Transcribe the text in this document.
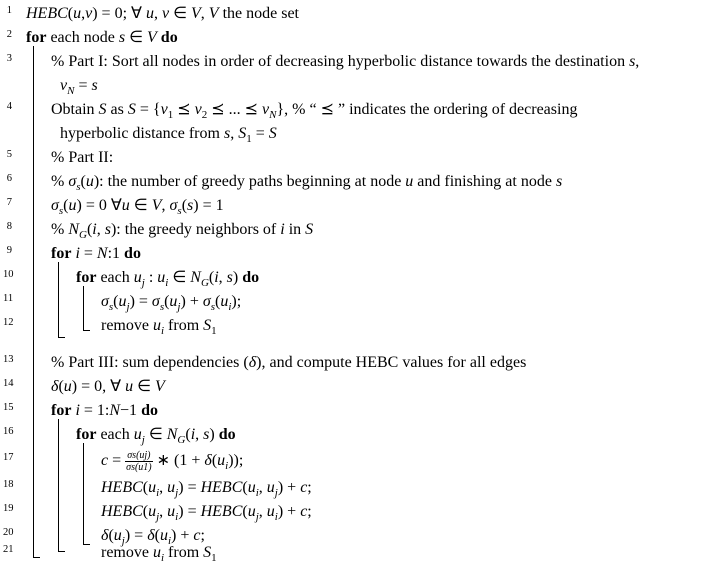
1 HEBC(u,v) = 0; ∀ u, v ∈ V, V the node set
2 for each node s ∈ V do
3 % Part I: Sort all nodes in order of decreasing hyperbolic distance towards the destination s,
$v_N = s$
4 Obtain S as $S = \{v_1$ ⪯ $v_2$ ⪯ ... ⪯ $v_N$}, % “ ⪯ ” indicates the ordering of decreasing
hyperbolic distance from s, $S_1 = S$
5 % Part II:
6 % $\sigma_s(u)$: the number of greedy paths beginning at node u and finishing at node s
7 $\sigma_s(u) = 0$ ∀u ∈ V, $\sigma_s(s) = 1$
8 % $N_G(i$, s): the greedy neighbors of i in S
9 for i = N:1 do
10	for each $u_j$ : $u_i$ ∈ $N_G(i$, s) do
11	$\sigma_s(u_j) = \sigma_s(u_j) + \sigma_s(u_i)$;
12	remove $u_i$ from $S_1$
13 % Part III: sum dependencies (δ), and compute HEBC values for all edges
14 δ(u) = 0, ∀ u ∈ V
15 for i = 1:N−1 do
16	for each $u_j$ ∈ $N_G(i$, s) do
17	$c = \frac{\sigma s(uj)}{\sigma s(u1)}$ ∗ $(1 + \delta(u_i))$;
18	$HEBC(u_i$, $u_j$) = $HEBC(u_i$, $u_j) + c$;
19	$HEBC(u_j$, $u_i$) = $HEBC(u_j$, $u_i) + c$;
20	$\delta(u_j) = \delta(u_i) + c$;
21	remove $u_i$ from $S_1$
